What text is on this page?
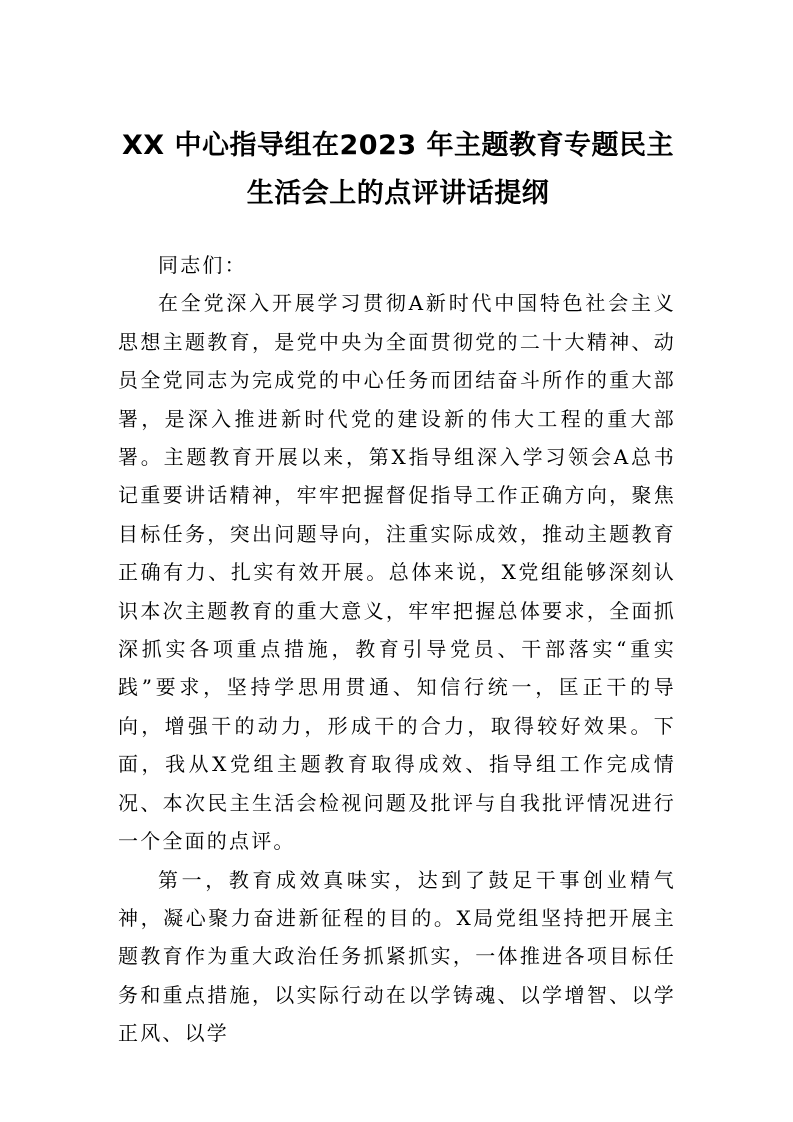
XX 中心指导组在2023 年主题教育专题民主生活会上的点评讲话提纲

同志们：

在全党深入开展学习贯彻A新时代中国特色社会主义思想主题教育，是党中央为全面贯彻党的二十大精神、动员全党同志为完成党的中心任务而团结奋斗所作的重大部署，是深入推进新时代党的建设新的伟大工程的重大部署。主题教育开展以来，第X指导组深入学习领会A总书记重要讲话精神，牢牢把握督促指导工作正确方向，聚焦目标任务，突出问题导向，注重实际成效，推动主题教育正确有力、扎实有效开展。总体来说，X党组能够深刻认识本次主题教育的重大意义，牢牢把握总体要求，全面抓深抓实各项重点措施，教育引导党员、干部落实“重实践”要求，坚持学思用贯通、知信行统一，匡正干的导向，增强干的动力，形成干的合力，取得较好效果。下面，我从X党组主题教育取得成效、指导组工作完成情况、本次民主生活会检视问题及批评与自我批评情况进行一个全面的点评。

第一，教育成效真味实，达到了鼓足干事创业精气神，凝心聚力奋进新征程的目的。X局党组坚持把开展主题教育作为重大政治任务抓紧抓实，一体推进各项目标任务和重点措施，以实际行动在以学铸魂、以学增智、以学正风、以学
